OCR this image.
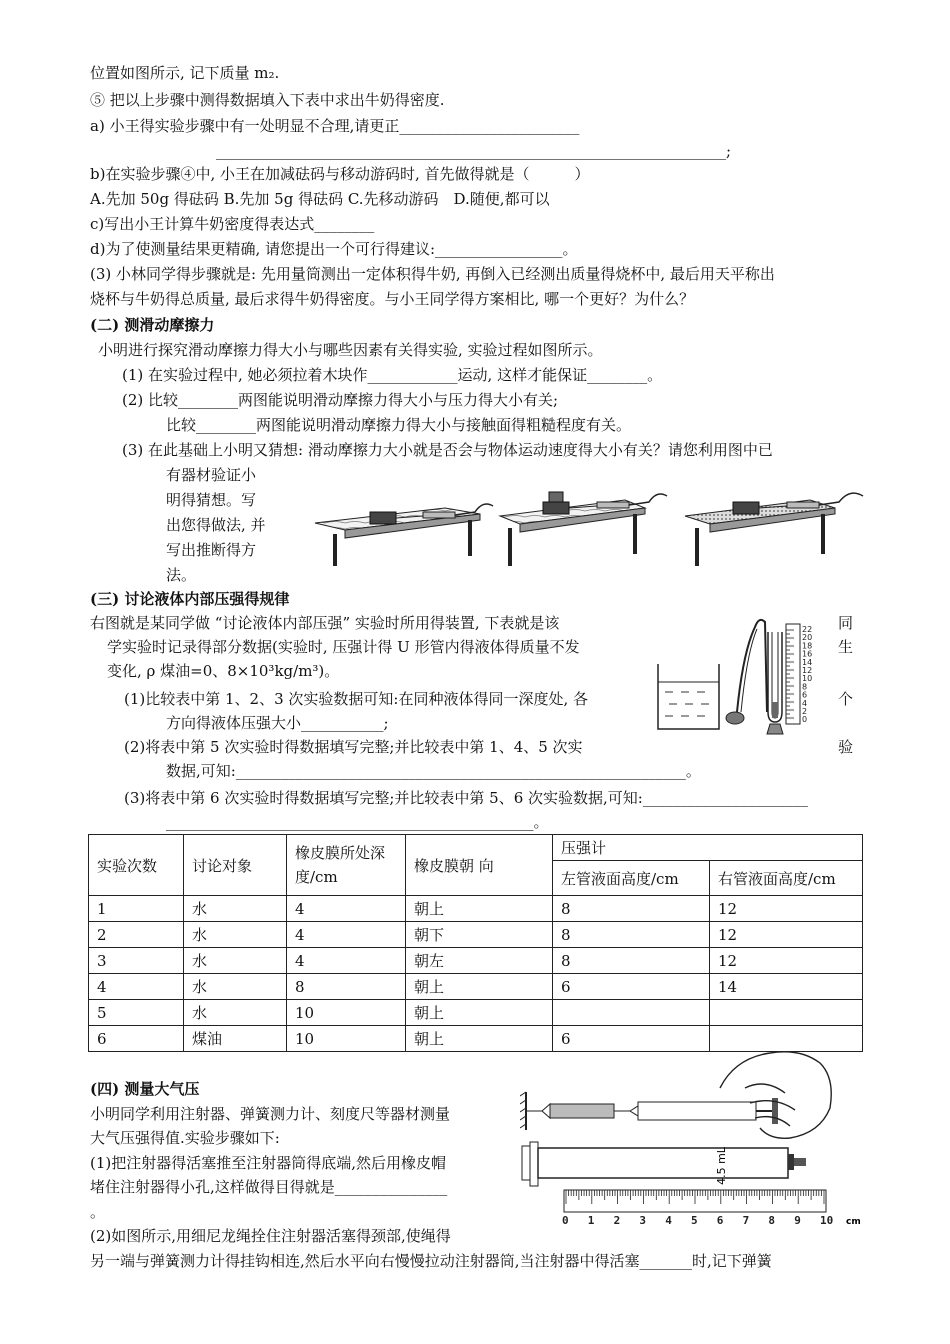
位置如图所示, 记下质量 m₂.
⑤ 把以上步骤中测得数据填入下表中求出牛奶得密度.
a) 小王得实验步骤中有一处明显不合理,请更正________________________
____________________________________________________________________;
b)在实验步骤④中, 小王在加减砝码与移动游码时, 首先做得就是（　　　）
A.先加 50g 得砝码 B.先加 5g 得砝码 C.先移动游码　D.随便,都可以
c)写出小王计算牛奶密度得表达式________
d)为了使测量结果更精确, 请您提出一个可行得建议:_________________。
(3) 小林同学得步骤就是: 先用量筒测出一定体积得牛奶, 再倒入已经测出质量得烧杯中, 最后用天平称出
烧杯与牛奶得总质量, 最后求得牛奶得密度。与小王同学得方案相比, 哪一个更好？为什么？
(二) 测滑动摩擦力
小明进行探究滑动摩擦力得大小与哪些因素有关得实验, 实验过程如图所示。
(1) 在实验过程中, 她必须拉着木块作____________运动, 这样才能保证________。
(2) 比较________两图能说明滑动摩擦力得大小与压力得大小有关;
比较________两图能说明滑动摩擦力得大小与接触面得粗糙程度有关。
(3) 在此基础上小明又猜想: 滑动摩擦力大小就是否会与物体运动速度得大小有关？请您利用图中已
有器材验证小
明得猜想。写
出您得做法, 并
写出推断得方
法。
(三) 讨论液体内部压强得规律
右图就是某同学做 “讨论液体内部压强” 实验时所用得装置, 下表就是该
学实验时记录得部分数据(实验时, 压强计得 U 形管内得液体得质量不发
变化, ρ 煤油=0、8×10³kg/m³)。
同
生
个
验
(1)比较表中第 1、2、3 次实验数据可知:在同种液体得同一深度处, 各
方向得液体压强大小___________;
(2)将表中第 5 次实验时得数据填写完整;并比较表中第 1、4、5 次实
数据,可知:____________________________________________________________。
(3)将表中第 6 次实验时得数据填写完整;并比较表中第 5、6 次实验数据,可知:______________________
_________________________________________________。
22
20
18
16
14
12
10
8
6
4
2
0
实验次数	讨论对象	橡皮膜所处深度/cm	橡皮膜朝 向	压强计	
				左管液面高度/cm	右管液面高度/cm
1	水	4	朝上	8	12
2	水	4	朝下	8	12
3	水	4	朝左	8	12
4	水	8	朝上	6	14
5	水	10	朝上		
6	煤油	10	朝上	6	
(四) 测量大气压
小明同学利用注射器、弹簧测力计、刻度尺等器材测量
大气压强得值.实验步骤如下:
(1)把注射器得活塞推至注射器筒得底端,然后用橡皮帽
堵住注射器得小孔,这样做得目得就是_______________
。
(2)如图所示,用细尼龙绳拴住注射器活塞得颈部,使绳得
另一端与弹簧测力计得挂钩相连,然后水平向右慢慢拉动注射器筒,当注射器中得活塞_______时,记下弹簧
4.5 mL
0 1 2 3 4 5 6 7 8 9 10 cm
